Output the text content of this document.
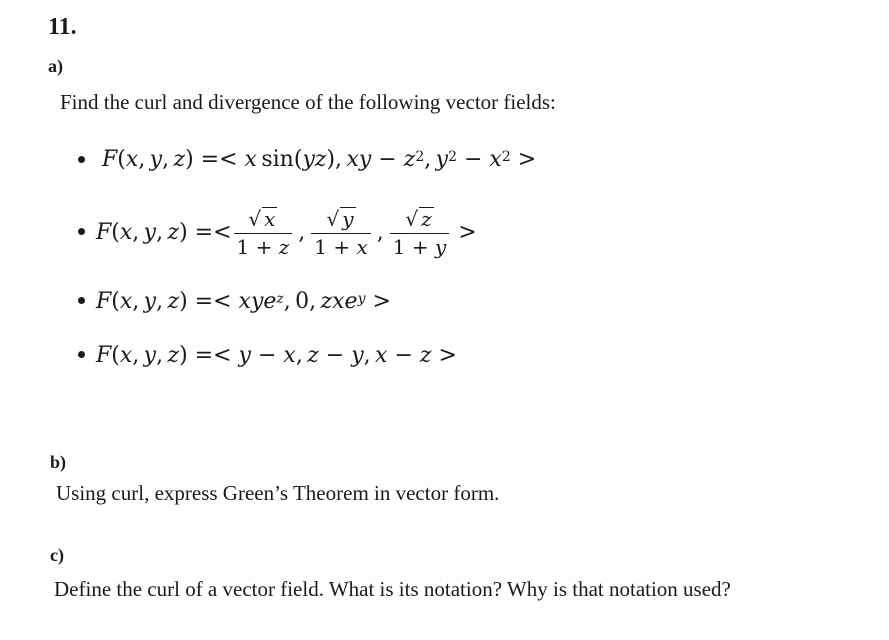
11.
a)
Find the curl and divergence of the following vector fields:
F ( x ,  y ,  z ) =< x  sin( yz ),  xy − $z^2$ ,  $y^2 - x^2$ >
F ( x ,  y ,  z ) =< $\frac{√ x}{1 + z}$ , $\frac{√ y}{1 + x}$ , $\frac{√ z}{1 + y}$ >
F ( x ,  y ,  z ) =< xye $^z$ , 0,  zxe $^y$ >
F ( x ,  y ,  z ) =< y − x ,  z − y ,  x − z >
b)
Using curl, express Green’s Theorem in vector form.
c)
Define the curl of a vector field. What is its notation? Why is that notation used?
